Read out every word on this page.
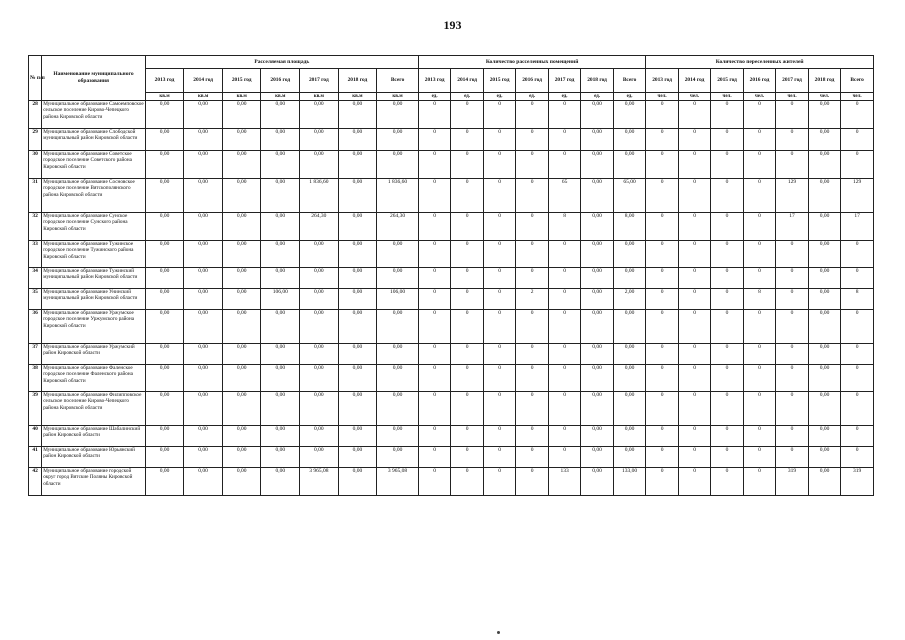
193
№ п/п	Наименование муниципального образования	Расселяемая площадь							Количество расселенных помещений							Количество переселенных жителей						
		2013 год	2014 год	2015 год	2016 год	2017 год	2018 год	Всего	2013 год	2014 год	2015 год	2016 год	2017 год	2018 год	Всего	2013 год	2014 год	2015 год	2016 год	2017 год	2018 год	Всего
		кв.м	кв.м	кв.м	кв.м	кв.м	кв.м	кв.м	ед.	ед.	ед.	ед.	ед.	ед.	ед.	чел.	чел.	чел.	чел.	чел.	чел.	чел.
28	Муниципальное образование Самоемповское сельское поселение Кирово-Чепецкого района Кировской области	0,00	0,00	0,00	0,00	0,00	0,00	0,00	0	0	0	0	0	0,00	0,00	0	0	0	0	0	0,00	0
29	Муниципальное образование Слободской муниципальный район Кировской области	0,00	0,00	0,00	0,00	0,00	0,00	0,00	0	0	0	0	0	0,00	0,00	0	0	0	0	0	0,00	0
30	Муниципальное образование Советское городское поселение Советского района Кировской области	0,00	0,00	0,00	0,00	0,00	0,00	0,00	0	0	0	0	0	0,00	0,00	0	0	0	0	0	0,00	0
31	Муниципальное образование Сосновское городское поселение Вятскополянского района Кировской области	0,00	0,00	0,00	0,00	1 836,60	0,00	1 836,60	0	0	0	0	65	0,00	65,00	0	0	0	0	129	0,00	129
32	Муниципальное образование Сунское городское поселение Сунского района Кировской области	0,00	0,00	0,00	0,00	264,30	0,00	264,30	0	0	0	0	8	0,00	8,00	0	0	0	0	17	0,00	17
33	Муниципальное образование Тужинское городское поселение Тужинского района Кировской области	0,00	0,00	0,00	0,00	0,00	0,00	0,00	0	0	0	0	0	0,00	0,00	0	0	0	0	0	0,00	0
34	Муниципальное образование Тужинский муниципальный район Кировской области	0,00	0,00	0,00	0,00	0,00	0,00	0,00	0	0	0	0	0	0,00	0,00	0	0	0	0	0	0,00	0
35	Муниципальное образование Унинский муниципальный район Кировской области	0,00	0,00	0,00	106,00	0,00	0,00	106,00	0	0	0	2	0	0,00	2,00	0	0	0	8	0	0,00	8
36	Муниципальное образование Уржумское городское поселение Уржумского района Кировской области	0,00	0,00	0,00	0,00	0,00	0,00	0,00	0	0	0	0	0	0,00	0,00	0	0	0	0	0	0,00	0
37	Муниципальное образование Уржумский район Кировской области	0,00	0,00	0,00	0,00	0,00	0,00	0,00	0	0	0	0	0	0,00	0,00	0	0	0	0	0	0,00	0
38	Муниципальное образование Фаленское городское поселение Фаленского района Кировской области	0,00	0,00	0,00	0,00	0,00	0,00	0,00	0	0	0	0	0	0,00	0,00	0	0	0	0	0	0,00	0
39	Муниципальное образование Филипповское сельское поселение Кирово-Чепецкого района Кировской области	0,00	0,00	0,00	0,00	0,00	0,00	0,00	0	0	0	0	0	0,00	0,00	0	0	0	0	0	0,00	0
40	Муниципальное образование Шабалинский район Кировской области	0,00	0,00	0,00	0,00	0,00	0,00	0,00	0	0	0	0	0	0,00	0,00	0	0	0	0	0	0,00	0
41	Муниципальное образование Юрьянский район Кировской области	0,00	0,00	0,00	0,00	0,00	0,00	0,00	0	0	0	0	0	0,00	0,00	0	0	0	0	0	0,00	0
42	Муниципальное образование городской округ город Вятские Поляны Кировской области	0,00	0,00	0,00	0,00	3 965,08	0,00	3 965,08	0	0	0	0	133	0,00	133,00	0	0	0	0	319	0,00	319
